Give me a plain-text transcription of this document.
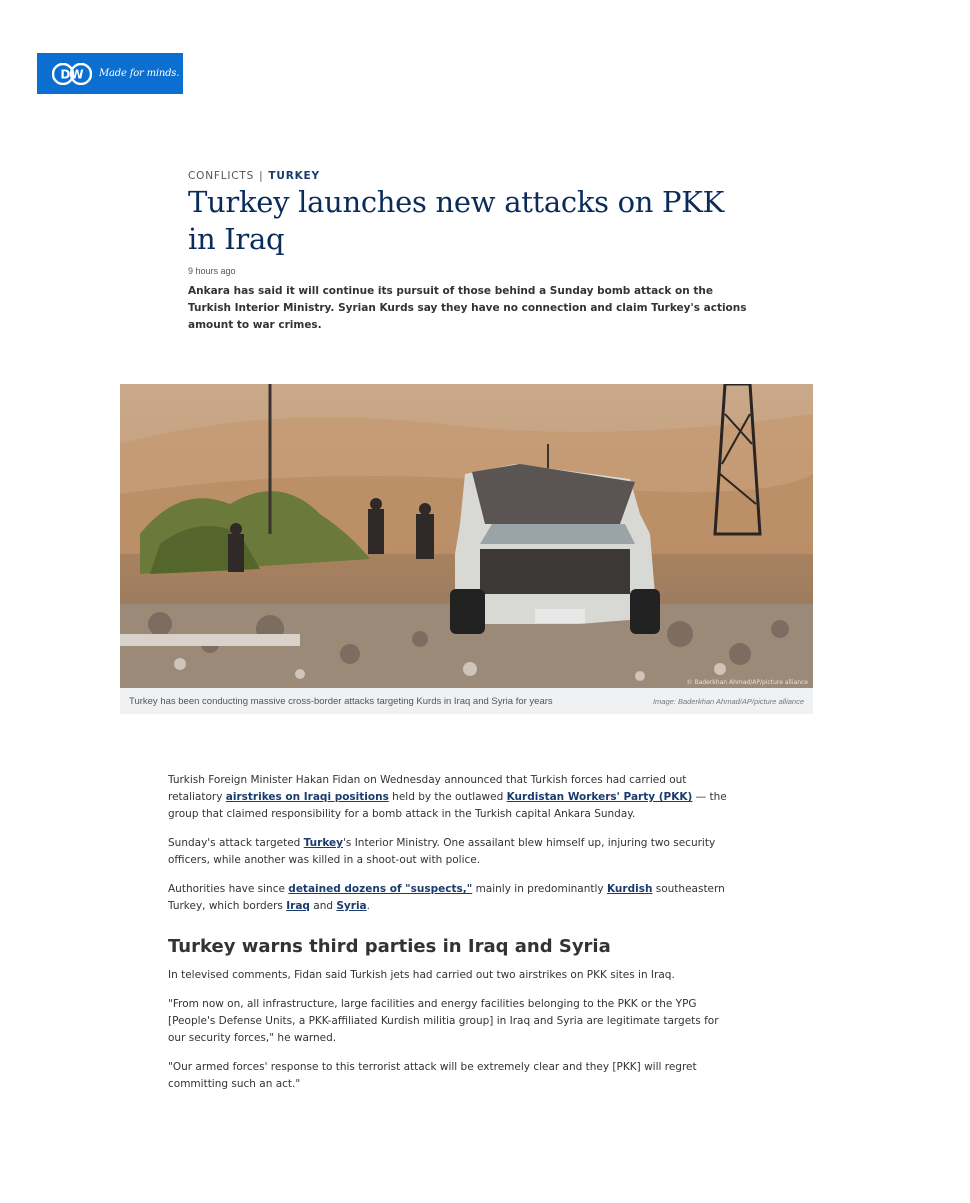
DW Made for minds.
CONFLICTS | TURKEY
Turkey launches new attacks on PKK in Iraq
9 hours ago

Ankara has said it will continue its pursuit of those behind a Sunday bomb attack on the Turkish Interior Ministry. Syrian Kurds say they have no connection and claim Turkey's actions amount to war crimes.

© Baderkhan Ahmad/AP/picture alliance
Turkey has been conducting massive cross-border attacks targeting Kurds in Iraq and Syria for years	Image: Baderkhan Ahmad/AP/picture alliance

Turkish Foreign Minister Hakan Fidan on Wednesday announced that Turkish forces had carried out retaliatory airstrikes on Iraqi positions held by the outlawed Kurdistan Workers' Party (PKK) — the group that claimed responsibility for a bomb attack in the Turkish capital Ankara Sunday.

Sunday's attack targeted Turkey's Interior Ministry. One assailant blew himself up, injuring two security officers, while another was killed in a shoot-out with police.

Authorities have since detained dozens of "suspects," mainly in predominantly Kurdish southeastern Turkey, which borders Iraq and Syria.

Turkey warns third parties in Iraq and Syria

In televised comments, Fidan said Turkish jets had carried out two airstrikes on PKK sites in Iraq.

"From now on, all infrastructure, large facilities and energy facilities belonging to the PKK or the YPG [People's Defense Units, a PKK-affiliated Kurdish militia group] in Iraq and Syria are legitimate targets for our security forces," he warned.

"Our armed forces' response to this terrorist attack will be extremely clear and they [PKK] will regret committing such an act."
